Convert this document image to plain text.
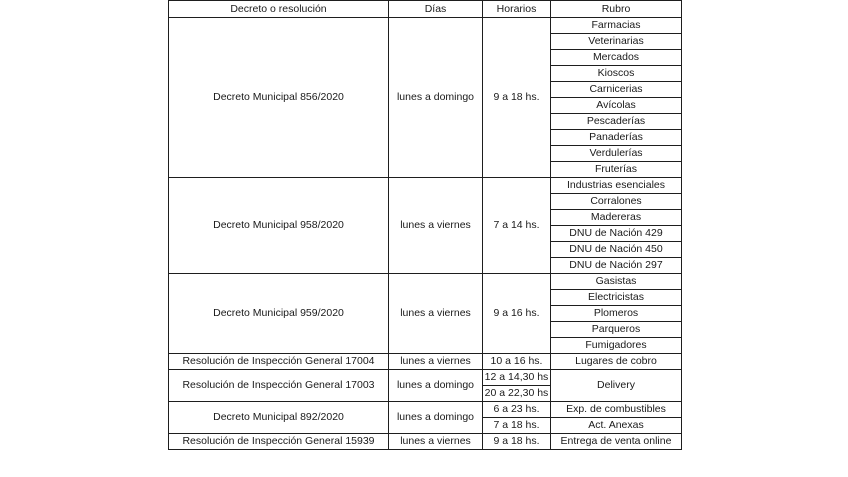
Decreto o resolución	Días	Horarios	Rubro
Decreto Municipal 856/2020	lunes a domingo	9 a 18 hs.	Farmacias
			Veterinarias
			Mercados
			Kioscos
			Carnicerias
			Avícolas
			Pescaderías
			Panaderías
			Verdulerías
			Fruterías
Decreto Municipal 958/2020	lunes a viernes	7 a 14 hs.	Industrias esenciales
			Corralones
			Madereras
			DNU de Nación 429
			DNU de Nación 450
			DNU de Nación 297
Decreto Municipal 959/2020	lunes a viernes	9 a 16 hs.	Gasistas
			Electricistas
			Plomeros
			Parqueros
			Fumigadores
Resolución de Inspección General 17004	lunes a viernes	10 a 16 hs.	Lugares de cobro
Resolución de Inspección General 17003	lunes a domingo	12 a 14,30 hs	Delivery
		20 a 22,30 hs	
Decreto Municipal 892/2020	lunes a domingo	6 a 23 hs.	Exp. de combustibles
		7 a 18 hs.	Act. Anexas
Resolución de Inspección General 15939	lunes a viernes	9 a 18 hs.	Entrega de venta online
